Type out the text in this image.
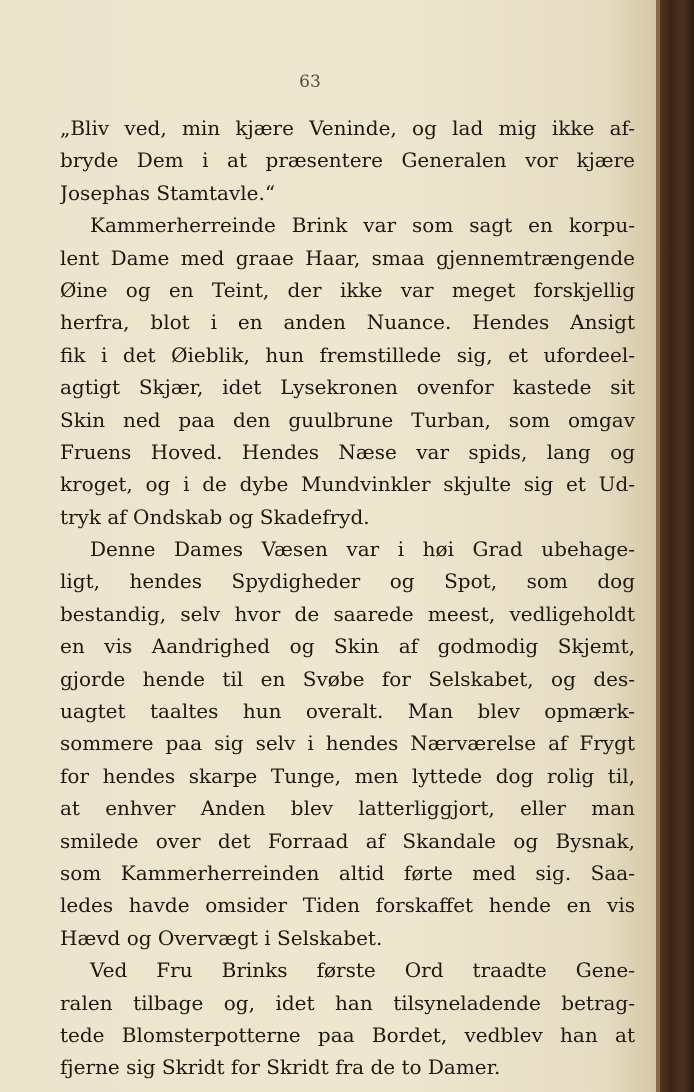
63
„Bliv ved, min kjære Veninde, og lad mig ikke af-
bryde Dem i at præsentere Generalen vor kjære
Josephas Stamtavle.“
Kammerherreinde Brink var som sagt en korpu-
lent Dame med graae Haar, smaa gjennemtrængende
Øine og en Teint, der ikke var meget forskjellig
herfra, blot i en anden Nuance. Hendes Ansigt
fik i det Øieblik, hun fremstillede sig, et ufordeel-
agtigt Skjær, idet Lysekronen ovenfor kastede sit
Skin ned paa den guulbrune Turban, som omgav
Fruens Hoved. Hendes Næse var spids, lang og
kroget, og i de dybe Mundvinkler skjulte sig et Ud-
tryk af Ondskab og Skadefryd.
Denne Dames Væsen var i høi Grad ubehage-
ligt, hendes Spydigheder og Spot, som dog
bestandig, selv hvor de saarede meest, vedligeholdt
en vis Aandrighed og Skin af godmodig Skjemt,
gjorde hende til en Svøbe for Selskabet, og des-
uagtet taaltes hun overalt. Man blev opmærk-
sommere paa sig selv i hendes Nærværelse af Frygt
for hendes skarpe Tunge, men lyttede dog rolig til,
at enhver Anden blev latterliggjort, eller man
smilede over det Forraad af Skandale og Bysnak,
som Kammerherreinden altid førte med sig. Saa-
ledes havde omsider Tiden forskaffet hende en vis
Hævd og Overvægt i Selskabet.
Ved Fru Brinks første Ord traadte Gene-
ralen tilbage og, idet han tilsyneladende betrag-
tede Blomsterpotterne paa Bordet, vedblev han at
fjerne sig Skridt for Skridt fra de to Damer.
